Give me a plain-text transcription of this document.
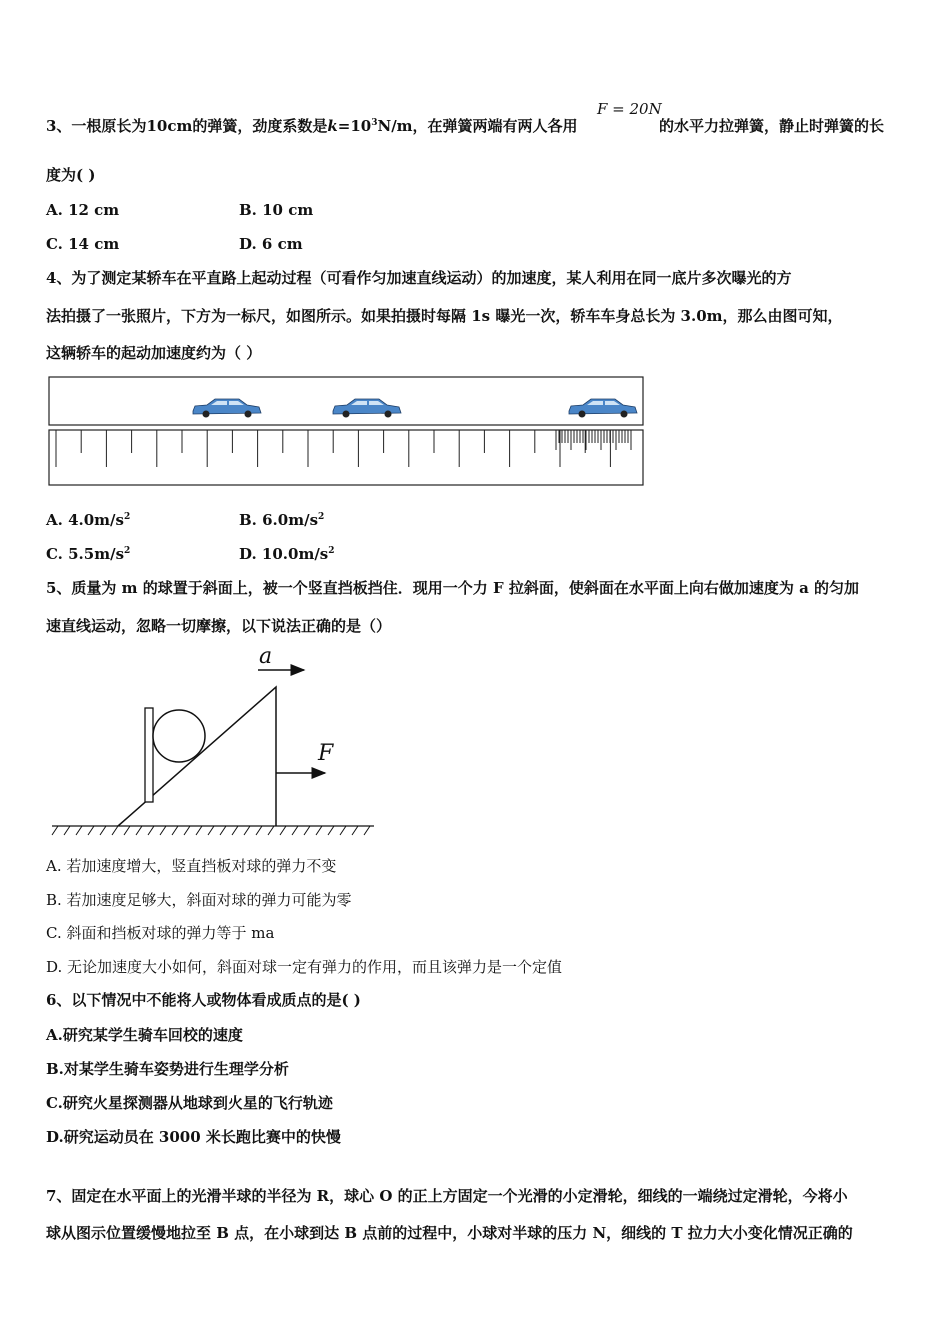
3、一根原长为10cm的弹簧，劲度系数是$k=10^3N/m$，在弹簧两端有两人各用
F = 20N
的水平力拉弹簧，静止时弹簧的长
度为( )
A. 12 cm	B. 10 cm
C. 14 cm	D. 6 cm
4、为了测定某轿车在平直路上起动过程（可看作匀加速直线运动）的加速度，某人利用在同一底片多次曝光的方
法拍摄了一张照片，下方为一标尺，如图所示。如果拍摄时每隔 1s 曝光一次，轿车车身总长为 3.0m，那么由图可知，
这辆轿车的起动加速度约为（ ）
A. $4.0m/s^2$	B. $6.0m/s^2$
C. $5.5m/s^2$	D. $10.0m/s^2$
5、质量为 m 的球置于斜面上，被一个竖直挡板挡住．现用一个力 F 拉斜面，使斜面在水平面上向右做加速度为 a 的匀加
速直线运动，忽略一切摩擦，以下说法正确的是（）
a
F
A. 若加速度增大，竖直挡板对球的弹力不变
B. 若加速度足够大，斜面对球的弹力可能为零
C. 斜面和挡板对球的弹力等于 ma
D. 无论加速度大小如何，斜面对球一定有弹力的作用，而且该弹力是一个定值
6、以下情况中不能将人或物体看成质点的是( )
A.研究某学生骑车回校的速度
B.对某学生骑车姿势进行生理学分析
C.研究火星探测器从地球到火星的飞行轨迹
D.研究运动员在 3000 米长跑比赛中的快慢
7、固定在水平面上的光滑半球的半径为 R，球心 O 的正上方固定一个光滑的小定滑轮，细线的一端绕过定滑轮，今将小
球从图示位置缓慢地拉至 B 点，在小球到达 B 点前的过程中，小球对半球的压力 N，细线的 T 拉力大小变化情况正确的
